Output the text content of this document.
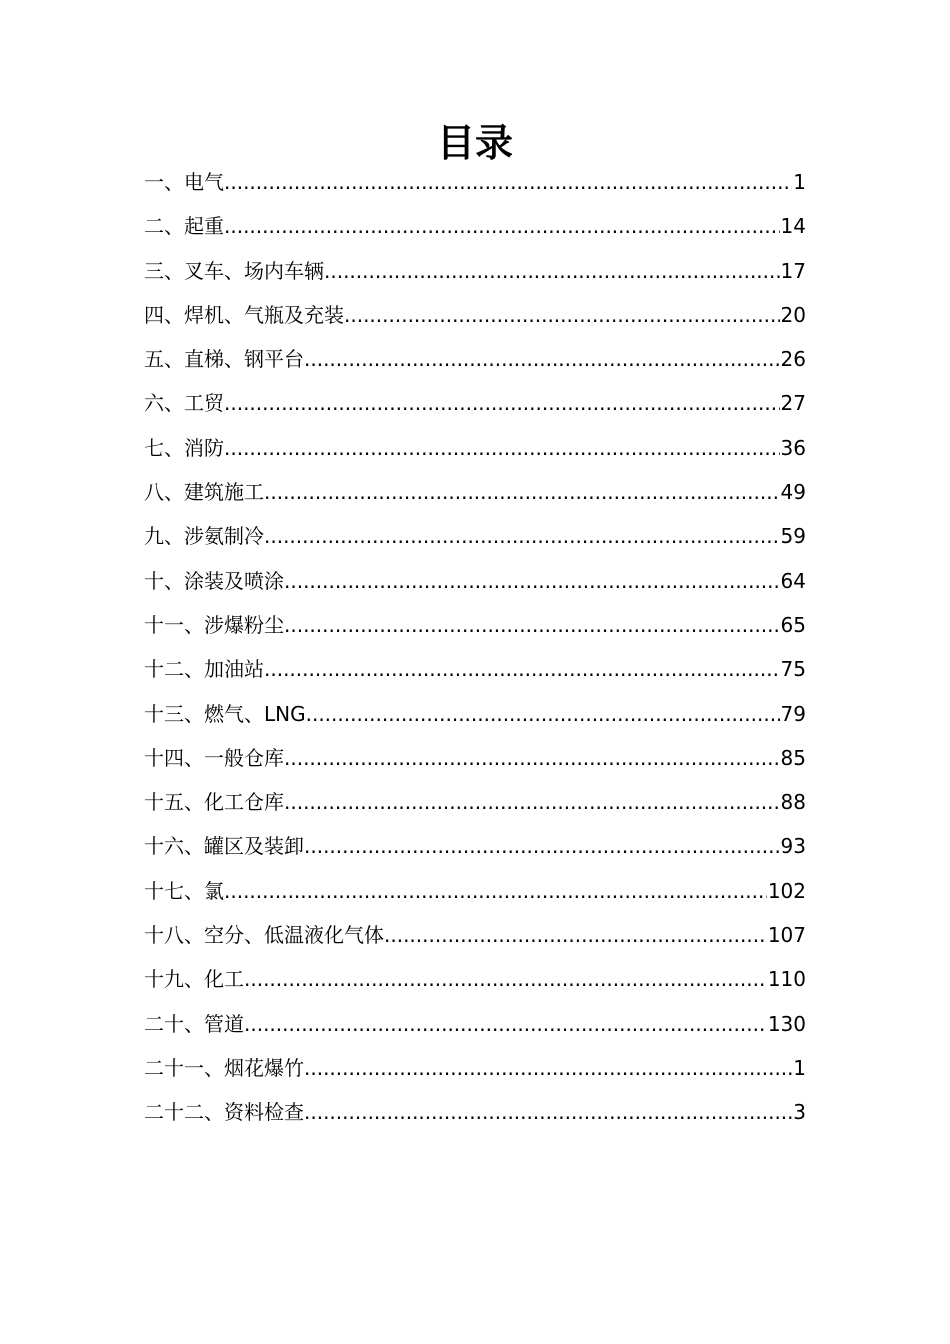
目录
一、电气 .....	1
二、起重 .....	14
三、叉车、场内车辆 .....	17
四、焊机、气瓶及充装 .....	20
五、直梯、钢平台 .....	26
六、工贸 .....	27
七、消防 .....	36
八、建筑施工 .....	49
九、涉氨制冷 .....	59
十、涂装及喷涂 .....	64
十一、涉爆粉尘 .....	65
十二、加油站 .....	75
十三、燃气、LNG .....	79
十四、一般仓库 .....	85
十五、化工仓库 .....	88
十六、罐区及装卸 .....	93
十七、氯 .....	102
十八、空分、低温液化气体 .....	107
十九、化工 .....	110
二十、管道 .....	130
二十一、烟花爆竹 .....	1
二十二、资料检查 .....	3
